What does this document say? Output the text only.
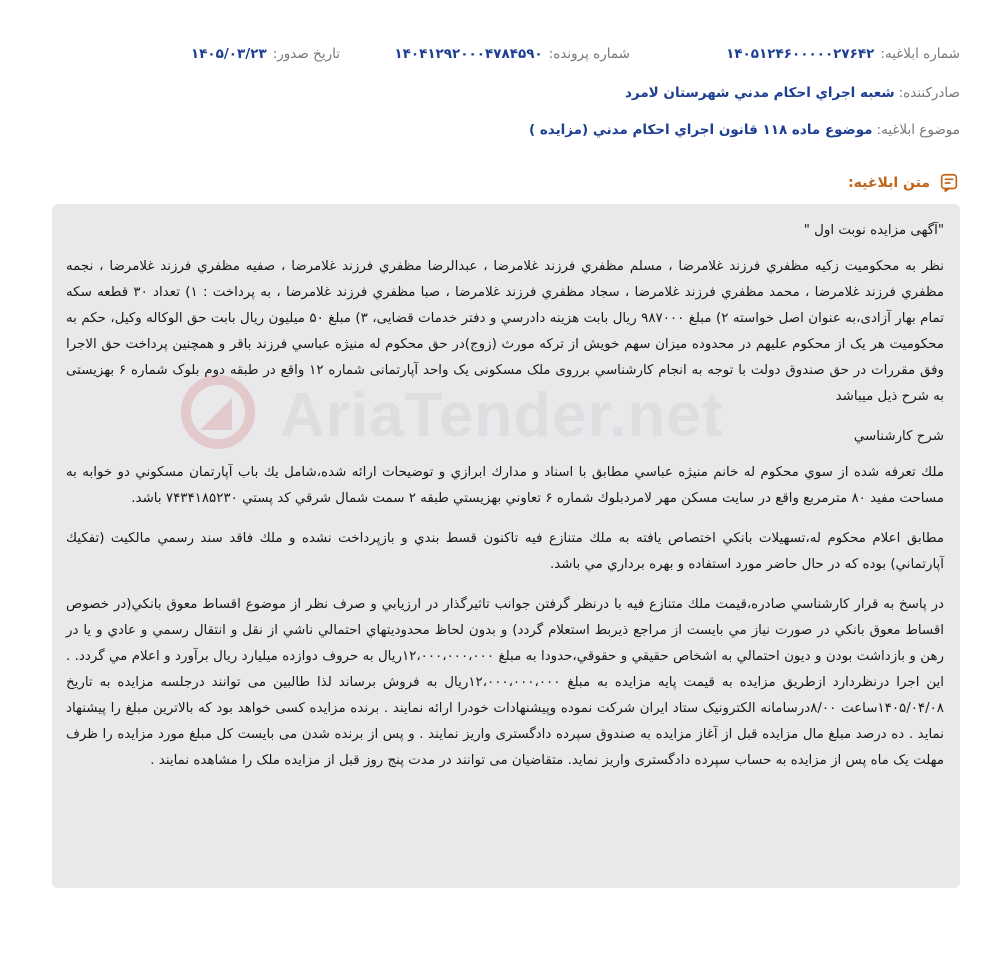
شماره ابلاغیه:۱۴۰۵۱۲۴۶۰۰۰۰۰۲۷۶۴۲
شماره پرونده:۱۴۰۴۱۲۹۲۰۰۰۴۷۸۴۵۹۰
تاریخ صدور:۱۴۰۵/۰۳/۲۳
صادرکننده:شعبه اجراي احكام مدني شهرستان لامرد
موضوع ابلاغیه:موضوع ماده ۱۱۸ قانون اجراي احكام مدني (مزايده )
متن ابلاغیه:

"آگهی مزایده نوبت اول "

نظر به محكوميت زكيه مظفري فرزند غلامرضا ، مسلم مظفري فرزند غلامرضا ، عبدالرضا مظفري فرزند غلامرضا ، صفيه مظفري فرزند غلامرضا ، نجمه مظفري فرزند غلامرضا ، محمد مظفري فرزند غلامرضا ، سجاد مظفري فرزند غلامرضا ، صبا مظفري فرزند غلامرضا ، به پرداخت : ۱) تعداد ۳۰ قطعه سکه تمام بهار آزادی،به عنوان اصل خواسته ۲) مبلغ ۹۸۷۰۰۰ ريال بابت هزينه دادرسي و دفتر خدمات قضایی، ۳) مبلغ ۵۰ ميليون ريال بابت حق الوكاله وكيل، حکم به محکومیت هر یک از محکوم علیهم در محدوده میزان سهم خویش از ترکه مورث (زوج)در حق محکوم له منیژه عباسي فرزند باقر و همچنین پرداخت حق الاجرا وفق مقررات در حق صندوق دولت با توجه به انجام كارشناسي برروی ملک مسکونی یک واحد آپارتمانی شماره ۱۲ واقع در طبقه دوم بلوک شماره ۶ بهزیستی به شرح ذیل میباشد

شرح كارشناسي

ملك تعرفه شده از سوي محكوم له خانم منيژه عباسي مطابق با اسناد و مدارك ابرازي و توضيحات ارائه شده،شامل يك باب آپارتمان مسكوني دو خوابه به مساحت مفيد ۸۰ مترمربع واقع در سايت مسكن مهر لامردبلوك شماره ۶ تعاوني بهزيستي طبقه ۲ سمت شمال شرقي كد پستي ۷۴۳۴۱۸۵۲۳۰ باشد.

مطابق اعلام محكوم له،تسهيلات بانكي اختصاص يافته به ملك متنازع فيه تاكنون قسط بندي و بازپرداخت نشده و ملك فاقد سند رسمي مالكيت (تفكيك آپارتماني) بوده كه در حال حاضر مورد استفاده و بهره برداري مي باشد.

در پاسخ به قرار كارشناسي صادره،قيمت ملك متنازع فيه با درنظر گرفتن جوانب تاثيرگذار در ارزيابي و صرف نظر از موضوع اقساط معوق بانكي(در خصوص اقساط معوق بانكي در صورت نياز مي بايست از مراجع ذيربط استعلام گردد) و بدون لحاظ محدوديتهاي احتمالي ناشي از نقل و انتقال رسمي و عادي و يا در رهن و بازداشت بودن و ديون احتمالي به اشخاص حقيقي و حقوقي،حدودا به مبلغ ۱۲،۰۰۰،۰۰۰،۰۰۰ريال به حروف دوازده ميليارد ريال برآورد و اعلام مي گردد. . این اجرا درنظردارد ازطریق مزایده به قیمت پایه مزایده به مبلغ ۱۲،۰۰۰،۰۰۰،۰۰۰ريال به فروش برساند لذا طالبین می توانند درجلسه مزایده به تاریخ ۱۴۰۵/۰۴/۰۸ساعت ۸/۰۰درسامانه الکترونیک ستاد ایران شرکت نموده وپیشنهادات خودرا ارائه نمایند . برنده مزایده کسی خواهد بود که بالاترین مبلغ را پیشنهاد نماید . ده درصد مبلغ مال مزایده قبل از آغاز مزایده به صندوق سپرده دادگستری واریز نمایند . و پس از برنده شدن می بایست کل مبلغ مورد مزایده را ظرف مهلت یک ماه پس از مزایده به حساب سپرده دادگستری واریز نماید. متقاضیان می توانند در مدت پنج روز قبل از مزایده ملک را مشاهده نمایند .
